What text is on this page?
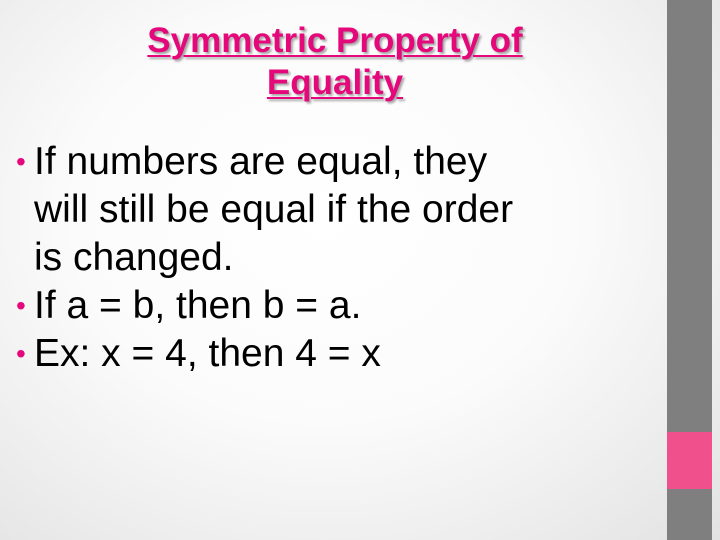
Symmetric Property of
Equality
• If numbers are equal, they
will still be equal if the order
is changed.
• If a = b, then b = a.
• Ex: x = 4, then 4 = x
